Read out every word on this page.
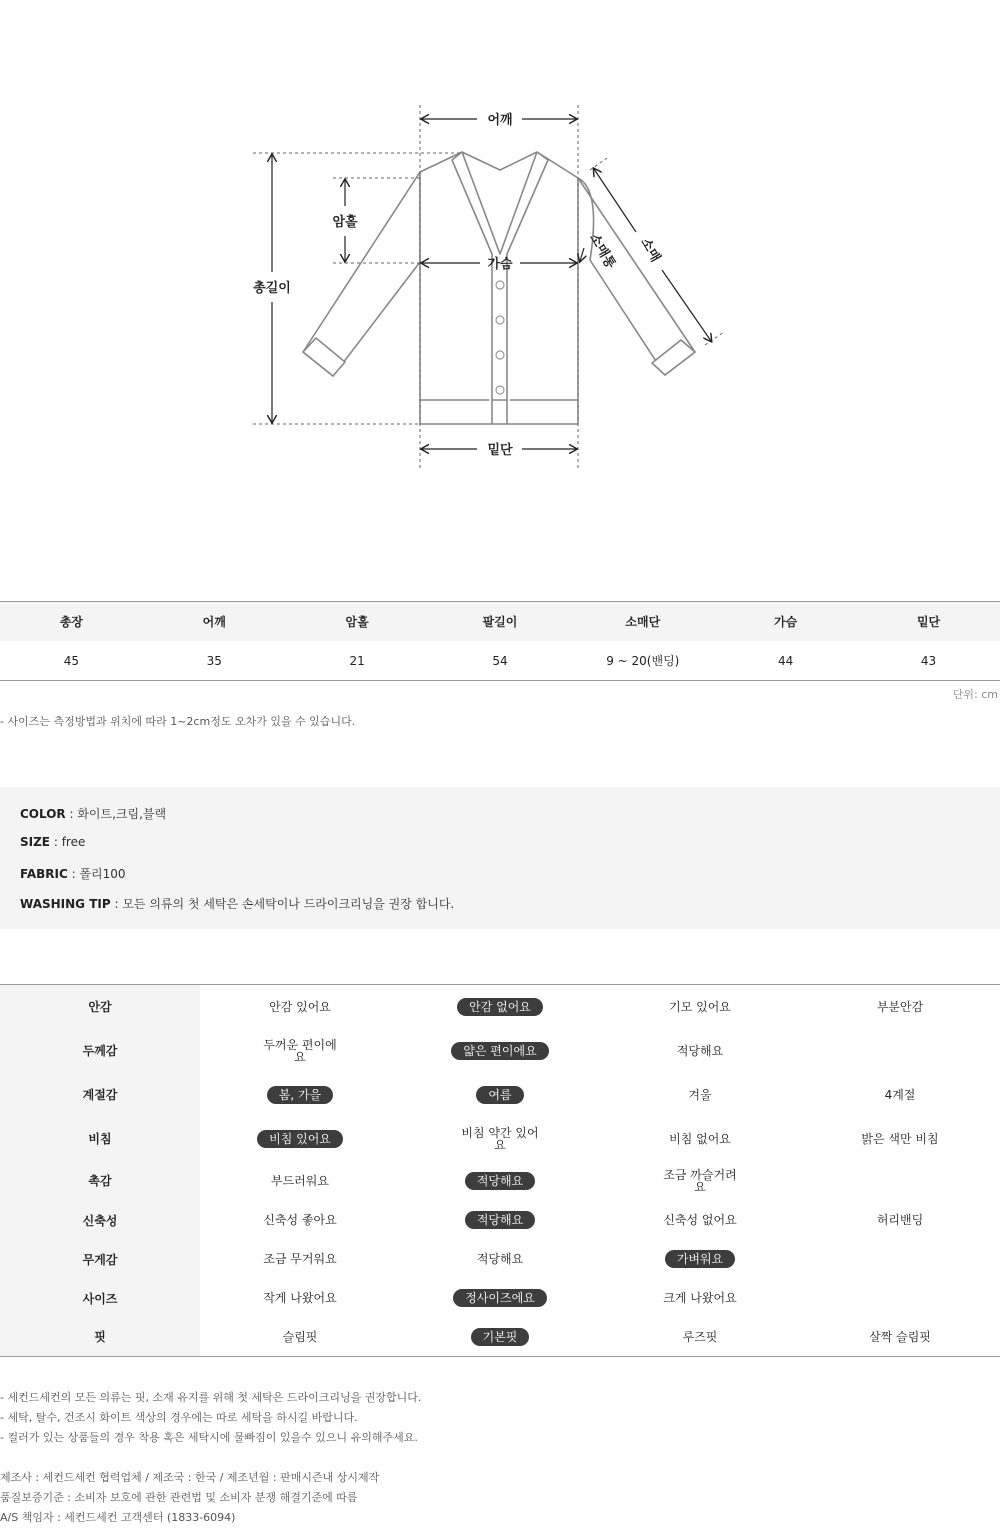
어깨
암홀
총길이
가슴
밑단
소매통 소매
총장	어깨	암홀	팔길이	소매단	가슴	밑단
45	35	21	54	9 ~ 20(밴딩)	44	43
단위: cm
- 사이즈는 측정방법과 위치에 따라 1~2cm정도 오차가 있을 수 있습니다.
COLOR : 화이트,크림,블랙
SIZE : free
FABRIC : 폴리100
WASHING TIP : 모든 의류의 첫 세탁은 손세탁이나 드라이크리닝을 권장 합니다.
안감	안감 있어요	안감 없어요	기모 있어요	부분안감
두께감	두꺼운 편이에요	얇은 편이에요	적당해요	
계절감	봄, 가을	여름	겨울	4계절
비침	비침 있어요	비침 약간 있어요	비침 없어요	밝은 색만 비침
촉감	부드러워요	적당해요	조금 까슬거려요	
신축성	신축성 좋아요	적당해요	신축성 없어요	허리밴딩
무게감	조금 무거워요	적당해요	가벼워요	
사이즈	작게 나왔어요	정사이즈에요	크게 나왔어요	
핏	슬림핏	기본핏	루즈핏	살짝 슬림핏
- 세컨드세컨의 모든 의류는 핏, 소재 유지를 위해 첫 세탁은 드라이크리닝을 권장합니다.
- 세탁, 탈수, 건조시 화이트 색상의 경우에는 따로 세탁을 하시길 바랍니다.
- 컬러가 있는 상품들의 경우 착용 혹은 세탁시에 물빠짐이 있을수 있으니 유의해주세요.
제조사 : 세컨드세컨 협력업체 / 제조국 : 한국 / 제조년월 : 판매시즌내 상시제작
품질보증기준 : 소비자 보호에 관한 관련법 및 소비자 분쟁 해결기준에 따름
A/S 책임자 : 세컨드세컨 고객센터 (1833-6094)
